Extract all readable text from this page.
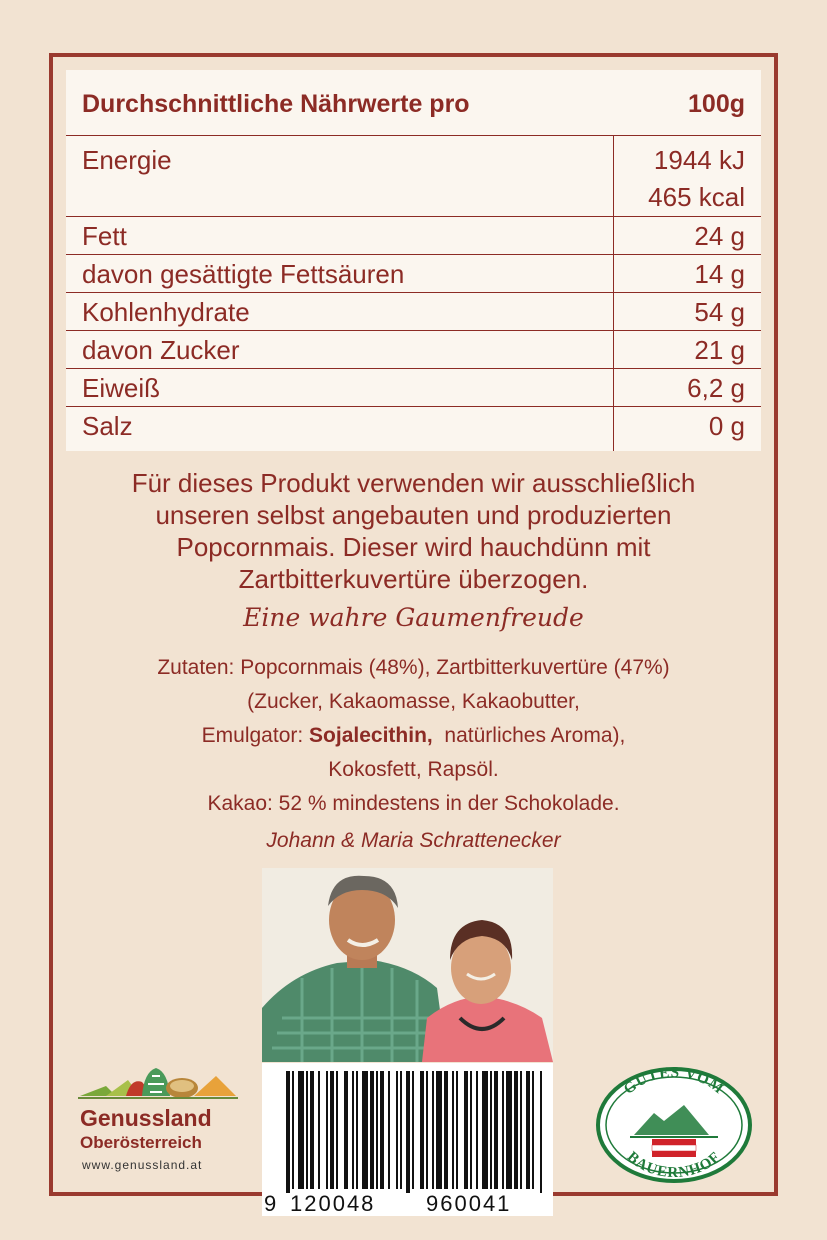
Durchschnittliche Nährwerte pro	100g
Energie	1944 kJ
465 kcal
Fett	24 g
davon gesättigte Fettsäuren	14 g
Kohlenhydrate	54 g
davon Zucker	21 g
Eiweiß	6,2 g
Salz	0 g
Für dieses Produkt verwenden wir ausschließlich
unseren selbst angebauten und produzierten
Popcornmais. Dieser wird hauchdünn mit
Zartbitterkuvertüre überzogen.
Eine wahre Gaumenfreude
Zutaten: Popcornmais (48%), Zartbitterkuvertüre (47%)
(Zucker, Kakaomasse, Kakaobutter,
Emulgator: Sojalecithin,  natürliches Aroma),
Kokosfett, Rapsöl.
Kakao: 52 % mindestens in der Schokolade.
Johann & Maria Schrattenecker
Genussland
Oberösterreich
www.genussland.at
9 120048 960041
GUTES VOM
BAUERNHOF
